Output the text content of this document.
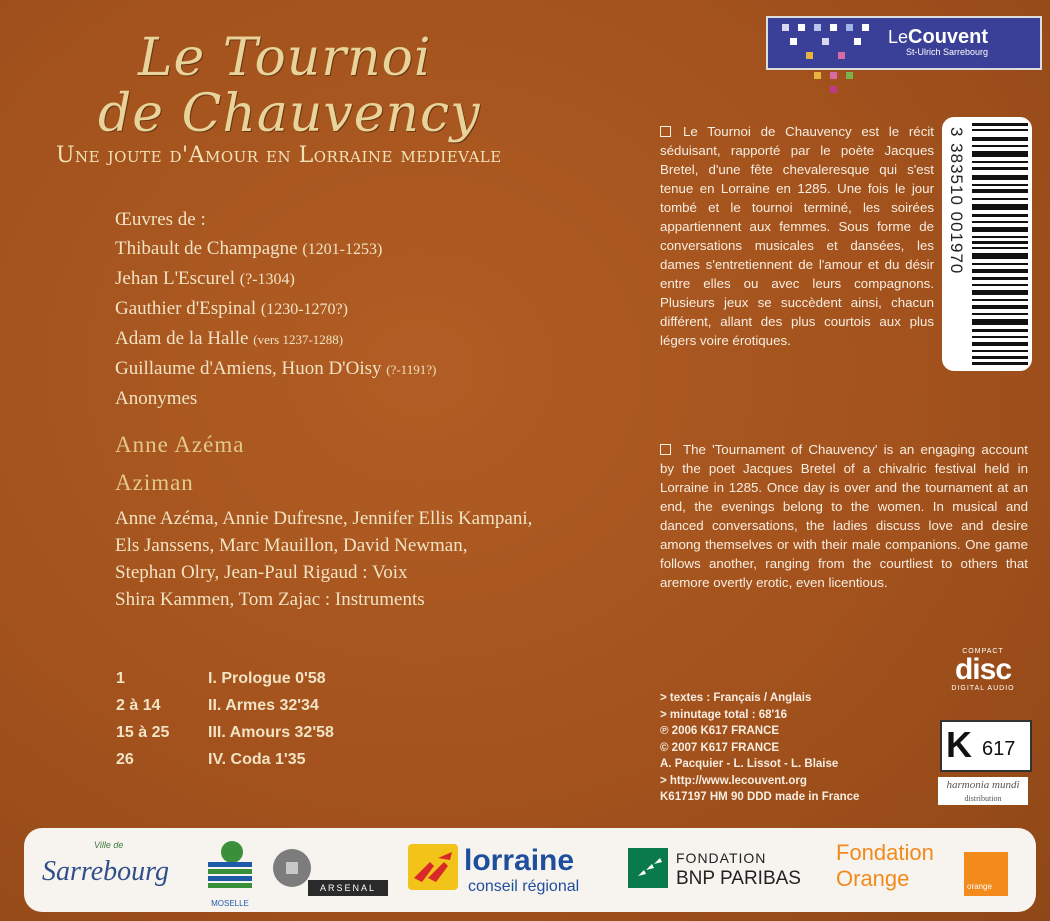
Le Tournoi
de Chauvency
Une joute d'Amour en Lorraine medievale
Œuvres de :
Thibault de Champagne (1201-1253)
Jehan L'Escurel (?-1304)
Gauthier d'Espinal (1230-1270?)
Adam de la Halle (vers 1237-1288)
Guillaume d'Amiens, Huon D'Oisy (?-1191?)
Anonymes
Anne Azéma
Aziman
Anne Azéma, Annie Dufresne, Jennifer Ellis Kampani,
Els Janssens, Marc Mauillon, David Newman,
Stephan Olry, Jean-Paul Rigaud : Voix
Shira Kammen, Tom Zajac : Instruments
1	I. Prologue 0'58
2 à 14	II. Armes 32'34
15 à 25 III. Amours 32'58
26	IV. Coda 1'35
LeCouvent
St-Ulrich Sarrebourg
Le Tournoi de Chauvency est le récit séduisant, rapporté par le poète Jacques Bretel, d'une fête chevaleresque qui s'est tenue en Lorraine en 1285. Une fois le jour tombé et le tournoi terminé, les soirées appartiennent aux femmes. Sous forme de conversations musicales et dansées, les dames s'entretiennent de l'amour et du désir entre elles ou avec leurs compagnons. Plusieurs jeux se succèdent ainsi, chacun différent, allant des plus courtois aux plus légers voire érotiques.
The 'Tournament of Chauvency' is an engaging account by the poet Jacques Bretel of a chivalric festival held in Lorraine in 1285. Once day is over and the tournament at an end, the evenings belong to the women. In musical and danced conversations, the ladies discuss love and desire among themselves or with their male companions. One game follows another, ranging from the courtliest to others that aremore overtly erotic, even licentious.
3 383510 001970
> textes : Français / Anglais
> minutage total : 68'16
℗ 2006 K617 FRANCE
© 2007 K617 FRANCE
A. Pacquier - L. Lissot - L. Blaise
> http://www.lecouvent.org
K617197 HM 90 DDD made in France
COMPACT
disc
DIGITAL AUDIO
K 617
harmonia mundi
distribution
Ville de
Sarrebourg
MOSELLE
ARSENAL
lorraine
conseil régional
FONDATION
BNP PARIBAS
Fondation
Orange	orange
